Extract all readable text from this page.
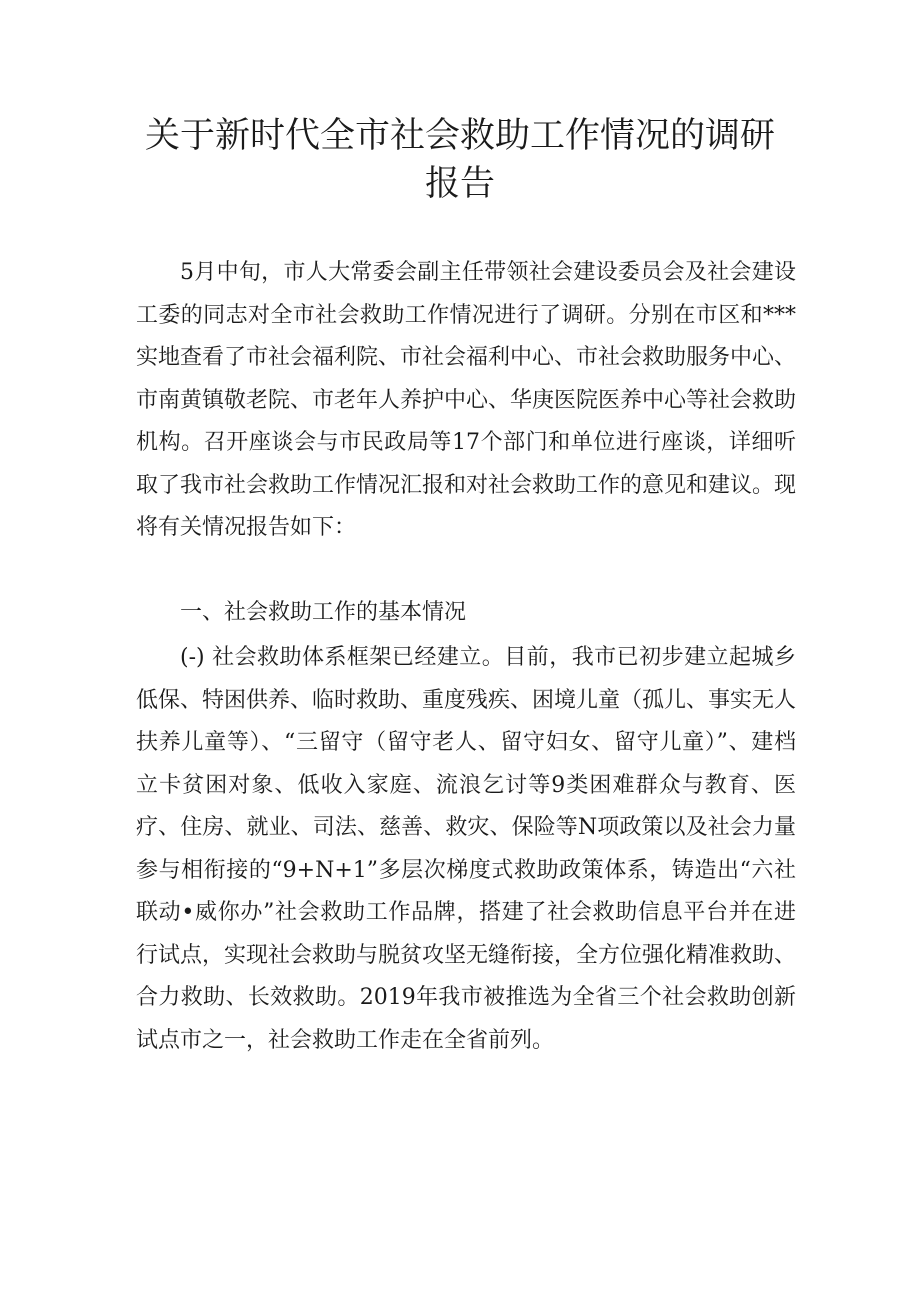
关于新时代全市社会救助工作情况的调研
报告

5月中旬，市人大常委会副主任带领社会建设委员会及社会建设工委的同志对全市社会救助工作情况进行了调研。分别在市区和***实地查看了市社会福利院、市社会福利中心、市社会救助服务中心、市南黄镇敬老院、市老年人养护中心、华庚医院医养中心等社会救助机构。召开座谈会与市民政局等17个部门和单位进行座谈，详细听取了我市社会救助工作情况汇报和对社会救助工作的意见和建议。现将有关情况报告如下：

一、社会救助工作的基本情况

(-) 社会救助体系框架已经建立。目前，我市已初步建立起城乡低保、特困供养、临时救助、重度残疾、困境儿童（孤儿、事实无人扶养儿童等）、“三留守（留守老人、留守妇女、留守儿童）”、建档立卡贫困对象、低收入家庭、流浪乞讨等9类困难群众与教育、医疗、住房、就业、司法、慈善、救灾、保险等N项政策以及社会力量参与相衔接的“9+N+1”多层次梯度式救助政策体系，铸造出“六社联动•威你办”社会救助工作品牌，搭建了社会救助信息平台并在进行试点，实现社会救助与脱贫攻坚无缝衔接，全方位强化精准救助、合力救助、长效救助。2019年我市被推选为全省三个社会救助创新试点市之一，社会救助工作走在全省前列。
